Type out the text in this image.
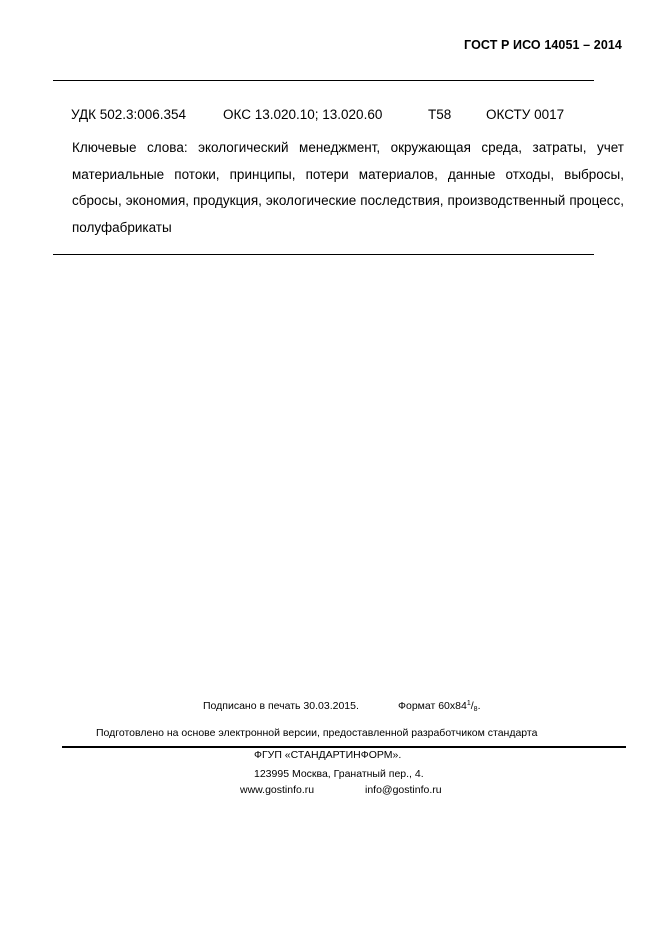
ГОСТ Р ИСО 14051 – 2014
УДК 502.3:006.354	ОКС 13.020.10; 13.020.60	Т58	ОКСТУ 0017
Ключевые слова: экологический менеджмент, окружающая среда, затраты, учет материальные потоки, принципы, потери материалов, данные отходы, выбросы, сбросы, экономия, продукция, экологические последствия, производственный процесс, полуфабрикаты
Подписано в печать 30.03.2015.	Формат $60х84^1/_8$.
Подготовлено на основе электронной версии, предоставленной разработчиком стандарта
ФГУП «СТАНДАРТИНФОРМ».
123995 Москва, Гранатный пер., 4.
www.gostinfo.ru	info@gostinfo.ru
